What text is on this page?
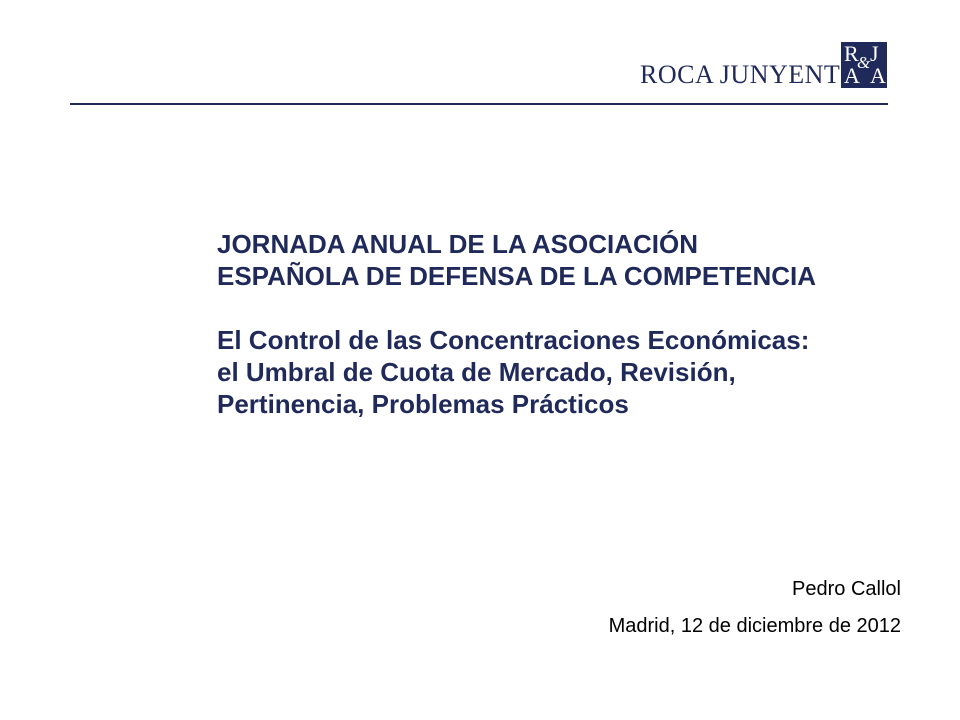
ROCA JUNYENT
R J
&
A A

JORNADA ANUAL DE LA ASOCIACIÓN

ESPAÑOLA DE DEFENSA DE LA COMPETENCIA

El Control de las Concentraciones Económicas:

el Umbral de Cuota de Mercado, Revisión,

Pertinencia, Problemas Prácticos

Pedro Callol
Madrid, 12 de diciembre de 2012
